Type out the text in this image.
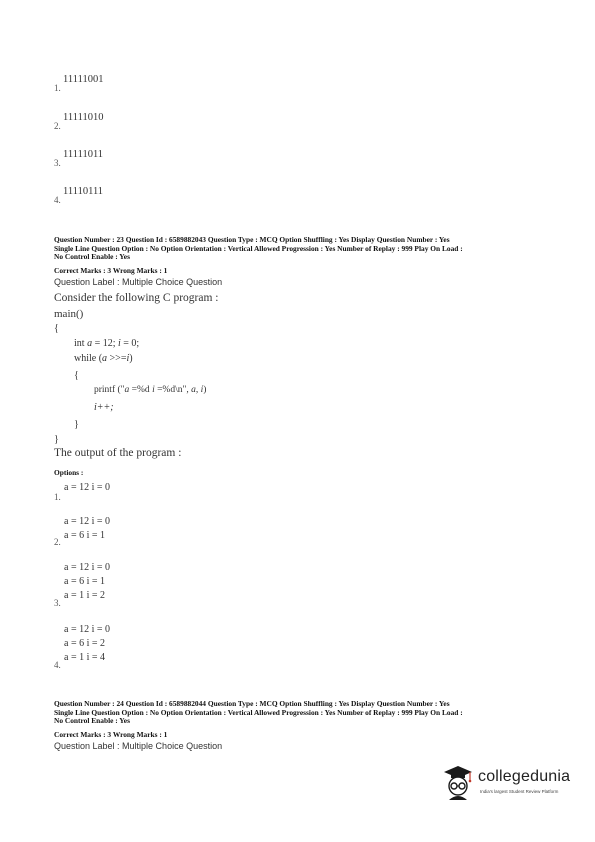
11111001
1.
11111010
2.
11111011
3.
11110111
4.
Question Number : 23 Question Id : 6589882043 Question Type : MCQ Option Shuffling : Yes Display Question Number : Yes
Single Line Question Option : No Option Orientation : Vertical Allowed Progression : Yes Number of Replay : 999 Play On Load :
No Control Enable : Yes
Correct Marks : 3 Wrong Marks : 1
Question Label : Multiple Choice Question
Consider the following C program :
main()
{
int a = 12; i = 0;
while (a >>=i)
{
printf ("a =%d i =%d\n", a, i)
i++;
}
}
The output of the program :
Options :
a = 12 i = 0
1.
a = 12 i = 0
a = 6 i = 1
2.
a = 12 i = 0
a = 6 i = 1
a = 1 i = 2
3.
a = 12 i = 0
a = 6 i = 2
a = 1 i = 4
4.
Question Number : 24 Question Id : 6589882044 Question Type : MCQ Option Shuffling : Yes Display Question Number : Yes
Single Line Question Option : No Option Orientation : Vertical Allowed Progression : Yes Number of Replay : 999 Play On Load :
No Control Enable : Yes
Correct Marks : 3 Wrong Marks : 1
Question Label : Multiple Choice Question
collegedunia
India's largest Student Review Platform
